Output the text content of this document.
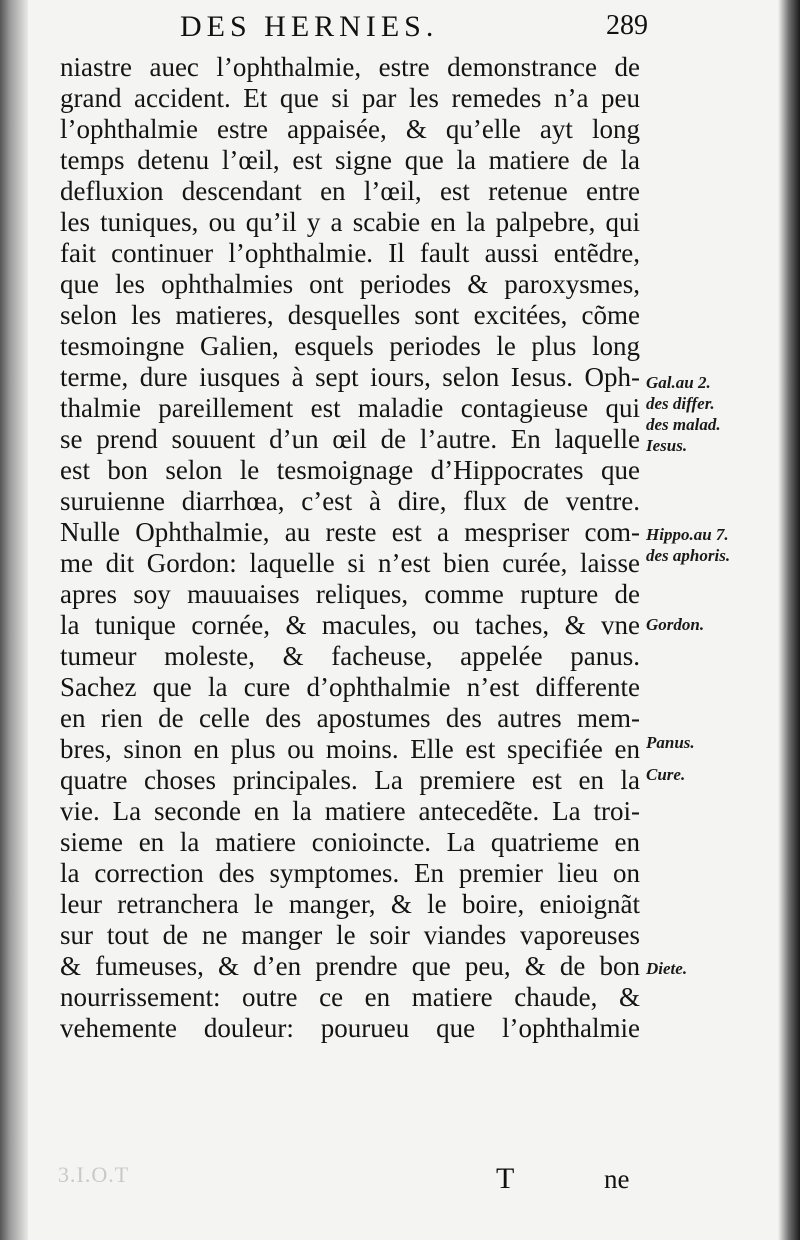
DES HERNIES.	289
niastre auec l’ophthalmie, estre demonstrance de
grand accident. Et que si par les remedes n’a peu
l’ophthalmie estre appaisée, & qu’elle ayt long
temps detenu l’œil, est signe que la matiere de la
defluxion descendant en l’œil, est retenue entre
les tuniques, ou qu’il y a scabie en la palpebre, qui
fait continuer l’ophthalmie. Il fault aussi entẽdre,
que les ophthalmies ont periodes & paroxysmes,
selon les matieres, desquelles sont excitées, cõme
tesmoingne Galien, esquels periodes le plus long
terme, dure iusques à sept iours, selon Iesus. Oph-
thalmie pareillement est maladie contagieuse qui
se prend souuent d’un œil de l’autre. En laquelle
est bon selon le tesmoignage d’Hippocrates que
suruienne diarrhœa, c’est à dire, flux de ventre.
Nulle Ophthalmie, au reste est a mespriser com-
me dit Gordon: laquelle si n’est bien curée, laisse
apres soy mauuaises reliques, comme rupture de
la tunique cornée, & macules, ou taches, & vne
tumeur moleste, & facheuse, appelée panus.
Sachez que la cure d’ophthalmie n’est differente
en rien de celle des apostumes des autres mem-
bres, sinon en plus ou moins. Elle est specifiée en
quatre choses principales. La premiere est en la
vie. La seconde en la matiere antecedẽte. La troi-
sieme en la matiere conioincte. La quatrieme en
la correction des symptomes. En premier lieu on
leur retranchera le manger, & le boire, enioignãt
sur tout de ne manger le soir viandes vaporeuses
& fumeuses, & d’en prendre que peu, & de bon
nourrissement: outre ce en matiere chaude, &
vehemente douleur: pourueu que l’ophthalmie
Gal.au 2.
des differ.
des malad.
Iesus.
Hippo.au 7.
des aphoris.
Gordon.
Panus.
Cure.
Diete.
3.I.O.T	T	ne
